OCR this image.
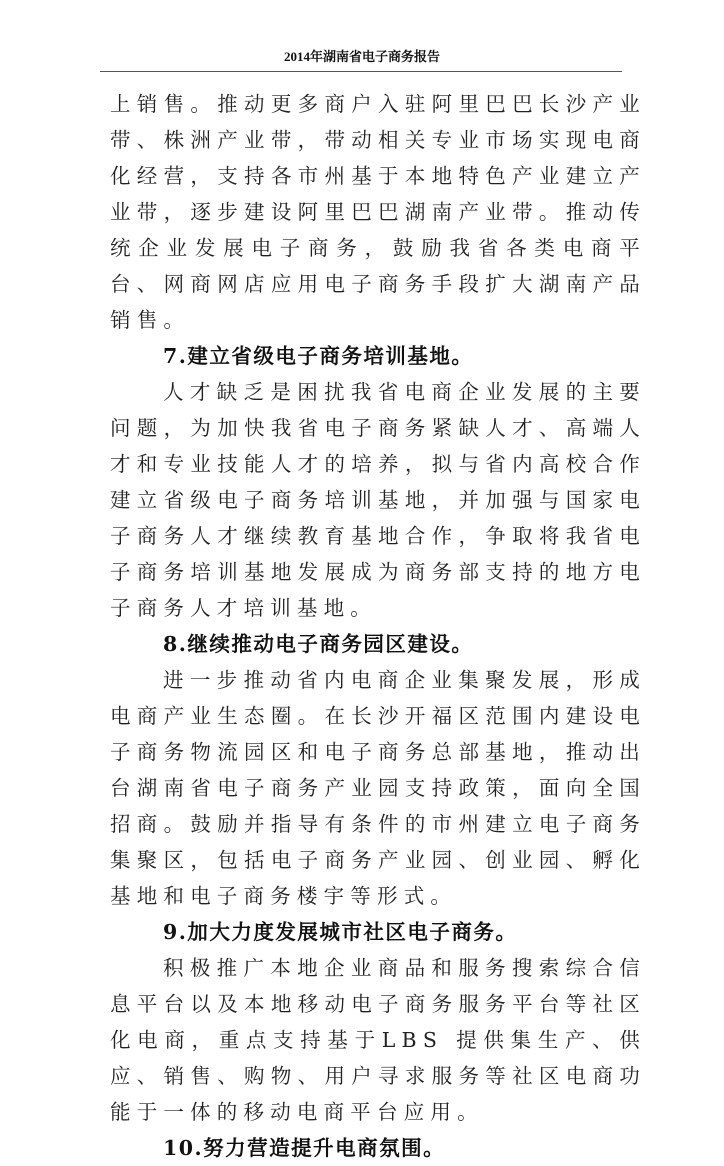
2014年湖南省电子商务报告

上销售。推动更多商户入驻阿里巴巴长沙产业带、株洲产业带，带动相关专业市场实现电商化经营，支持各市州基于本地特色产业建立产业带，逐步建设阿里巴巴湖南产业带。推动传统企业发展电子商务，鼓励我省各类电商平台、网商网店应用电子商务手段扩大湖南产品销售。

7.建立省级电子商务培训基地。

人才缺乏是困扰我省电商企业发展的主要问题，为加快我省电子商务紧缺人才、高端人才和专业技能人才的培养，拟与省内高校合作建立省级电子商务培训基地，并加强与国家电子商务人才继续教育基地合作，争取将我省电子商务培训基地发展成为商务部支持的地方电子商务人才培训基地。

8.继续推动电子商务园区建设。

进一步推动省内电商企业集聚发展，形成电商产业生态圈。在长沙开福区范围内建设电子商务物流园区和电子商务总部基地，推动出台湖南省电子商务产业园支持政策，面向全国招商。鼓励并指导有条件的市州建立电子商务集聚区，包括电子商务产业园、创业园、孵化基地和电子商务楼宇等形式。

9.加大力度发展城市社区电子商务。

积极推广本地企业商品和服务搜索综合信息平台以及本地移动电子商务服务平台等社区化电商，重点支持基于LBS 提供集生产、供应、销售、购物、用户寻求服务等社区电商功能于一体的移动电商平台应用。

10.努力营造提升电商氛围。
